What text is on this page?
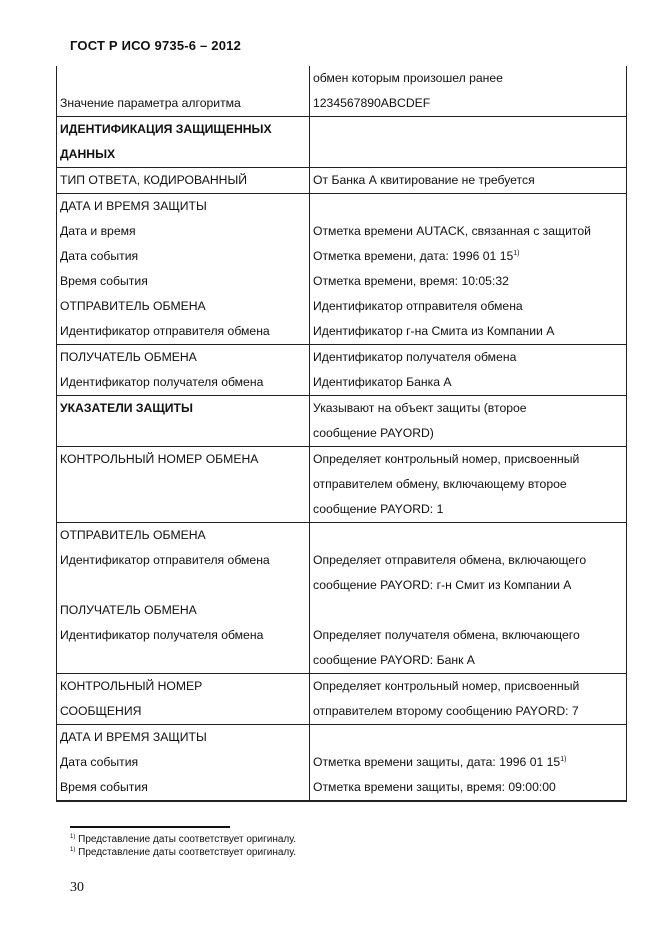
ГОСТ Р ИСО 9735-6 – 2012

	обмен которым произошел ранее

Значение параметра алгоритма	1234567890ABCDEF

ИДЕНТИФИКАЦИЯ ЗАЩИЩЕННЫХ
ДАННЫХ	

ТИП ОТВЕТА, КОДИРОВАННЫЙ	От Банка А квитирование не требуется

ДАТА И ВРЕМЯ ЗАЩИТЫ	

Дата и время	Отметка времени AUTACK, связанная с защитой

Дата события	Отметка времени, дата: 1996 01 15$^{1)}$

Время события	Отметка времени, время: 10:05:32

ОТПРАВИТЕЛЬ ОБМЕНА	Идентификатор отправителя обмена

Идентификатор отправителя обмена	Идентификатор г-на Смита из Компании А

ПОЛУЧАТЕЛЬ ОБМЕНА	Идентификатор получателя обмена

Идентификатор получателя обмена	Идентификатор Банка А

УКАЗАТЕЛИ ЗАЩИТЫ	Указывают на объект защиты (второе
сообщение PAYORD)

КОНТРОЛЬНЫЙ НОМЕР ОБМЕНА	Определяет контрольный номер, присвоенный
отправителем обмену, включающему второе
сообщение PAYORD: 1

ОТПРАВИТЕЛЬ ОБМЕНА	

Идентификатор отправителя обмена	Определяет отправителя обмена, включающего
сообщение PAYORD: г-н Смит из Компании А

ПОЛУЧАТЕЛЬ ОБМЕНА	

Идентификатор получателя обмена	Определяет получателя обмена, включающего
сообщение PAYORD: Банк А

КОНТРОЛЬНЫЙ НОМЕР
СООБЩЕНИЯ	Определяет контрольный номер, присвоенный
отправителем второму сообщению PAYORD: 7

ДАТА И ВРЕМЯ ЗАЩИТЫ	

Дата события	Отметка времени защиты, дата: 1996 01 15$^{1)}$

Время события	Отметка времени защиты, время: 09:00:00
$^{1)}$ Представление даты соответствует оригиналу.
$^{1)}$ Представление даты соответствует оригиналу.
30
